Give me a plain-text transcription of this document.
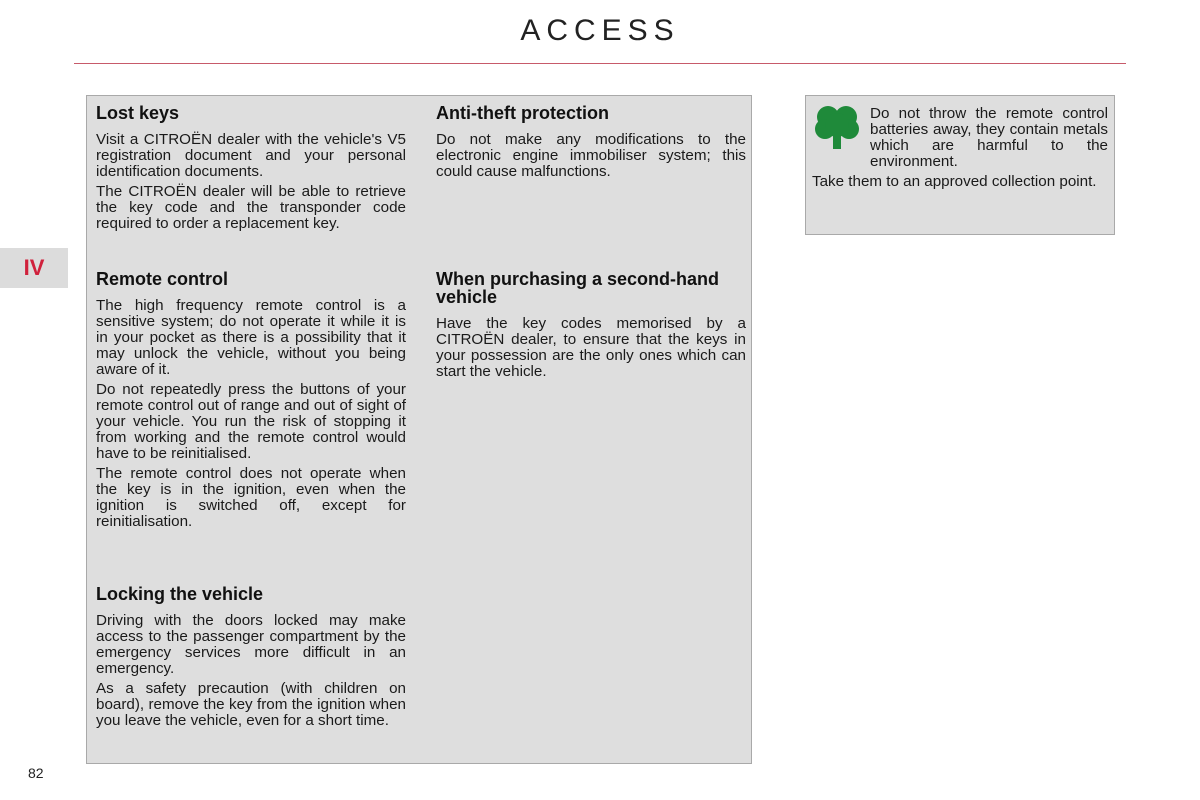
ACCESS
IV
Lost keys

Visit a CITROËN dealer with the vehicle's V5 registration document and your personal identification documents.

The CITROËN dealer will be able to retrieve the key code and the transponder code required to order a replacement key.

Remote control

The high frequency remote control is a sensitive system; do not operate it while it is in your pocket as there is a possibility that it may unlock the vehicle, without you being aware of it.

Do not repeatedly press the buttons of your remote control out of range and out of sight of your vehicle. You run the risk of stopping it from working and the remote control would have to be reinitialised.

The remote control does not operate when the key is in the ignition, even when the ignition is switched off, except for reinitialisation.

Locking the vehicle

Driving with the doors locked may make access to the passenger compartment by the emergency services more difficult in an emergency.

As a safety precaution (with children on board), remove the key from the ignition when you leave the vehicle, even for a short time.

Anti-theft protection

Do not make any modifications to the electronic engine immobiliser system; this could cause malfunctions.

When purchasing a second-hand vehicle

Have the key codes memorised by a CITROËN dealer, to ensure that the keys in your possession are the only ones which can start the vehicle.

Do not throw the remote control batteries away, they contain metals which are harmful to the environment.
Take them to an approved collection point.
82
